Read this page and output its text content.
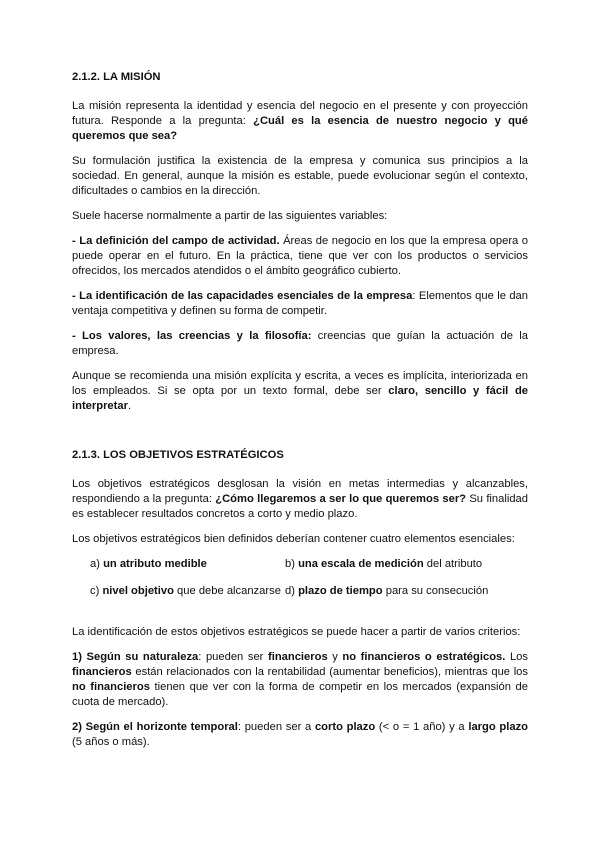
2.1.2. LA MISIÓN

La misión representa la identidad y esencia del negocio en el presente y con proyección futura. Responde a la pregunta: ¿Cuál es la esencia de nuestro negocio y qué queremos que sea?

Su formulación justifica la existencia de la empresa y comunica sus principios a la sociedad. En general, aunque la misión es estable, puede evolucionar según el contexto, dificultades o cambios en la dirección.

Suele hacerse normalmente a partir de las siguientes variables:

- La definición del campo de actividad. Áreas de negocio en los que la empresa opera o puede operar en el futuro. En la práctica, tiene que ver con los productos o servicios ofrecidos, los mercados atendidos o el ámbito geográfico cubierto.

- La identificación de las capacidades esenciales de la empresa: Elementos que le dan ventaja competitiva y definen su forma de competir.

- Los valores, las creencias y la filosofía: creencias que guían la actuación de la empresa.

Aunque se recomienda una misión explícita y escrita, a veces es implícita, interiorizada en los empleados. Si se opta por un texto formal, debe ser claro, sencillo y fácil de interpretar.

2.1.3. LOS OBJETIVOS ESTRATÉGICOS

Los objetivos estratégicos desglosan la visión en metas intermedias y alcanzables, respondiendo a la pregunta: ¿Cómo llegaremos a ser lo que queremos ser? Su finalidad es establecer resultados concretos a corto y medio plazo.

Los objetivos estratégicos bien definidos deberían contener cuatro elementos esenciales:

a) un atributo medible	b) una escala de medición del atributo
c) nivel objetivo que debe alcanzarse d) plazo de tiempo para su consecución

La identificación de estos objetivos estratégicos se puede hacer a partir de varios criterios:

1) Según su naturaleza: pueden ser financieros y no financieros o estratégicos. Los financieros están relacionados con la rentabilidad (aumentar beneficios), mientras que los no financieros tienen que ver con la forma de competir en los mercados (expansión de cuota de mercado).

2) Según el horizonte temporal: pueden ser a corto plazo (< o = 1 año) y a largo plazo (5 años o más).
